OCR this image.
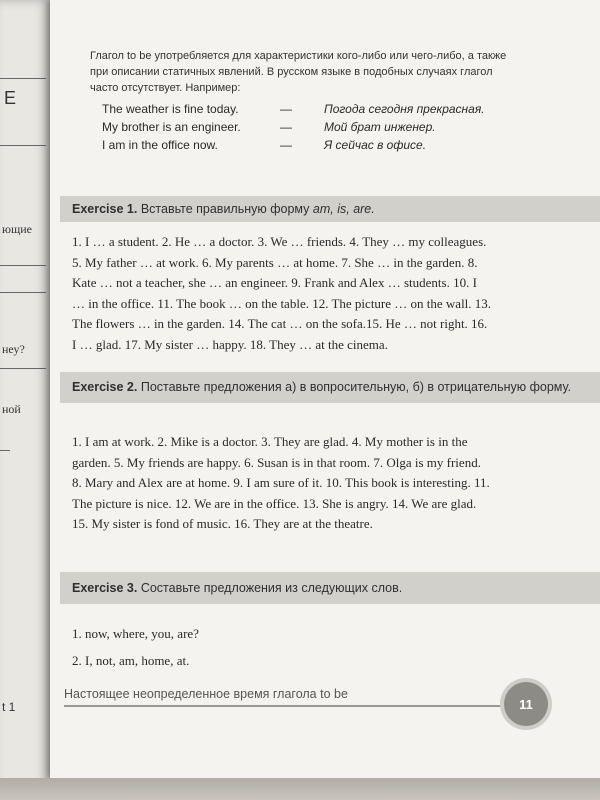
E
ющие
неу?
ной
t 1
Глагол to be употребляется для характеристики кого-либо или чего-либо, а также при описании статичных явлений. В русском языке в подобных случаях глагол часто отсутствует. Например:
The weather is fine today.	—	Погода сегодня прекрасная.
My brother is an engineer.	—	Мой брат инженер.
I am in the office now.	—	Я сейчас в офисе.
Exercise 1. Вставьте правильную форму am, is, are.
1. I … a student. 2. He … a doctor. 3. We … friends. 4. They … my colleagues. 5. My father … at work. 6. My parents … at home. 7. She … in the garden. 8. Kate … not a teacher, she … an engineer. 9. Frank and Alex … students. 10. I … in the office. 11. The book … on the table. 12. The picture … on the wall. 13. The flowers … in the garden. 14. The cat … on the sofa.15. He … not right. 16. I … glad. 17. My sister … happy. 18. They … at the cinema.
Exercise 2. Поставьте предложения а) в вопросительную, б) в отрицательную форму.
1. I am at work. 2. Mike is a doctor. 3. They are glad. 4. My mother is in the garden. 5. My friends are happy. 6. Susan is in that room. 7. Olga is my friend. 8. Mary and Alex are at home. 9. I am sure of it. 10. This book is interesting. 11. The picture is nice. 12. We are in the office. 13. She is angry. 14. We are glad. 15. My sister is fond of music. 16. They are at the theatre.
Exercise 3. Составьте предложения из следующих слов.
1. now, where, you, are?
2. I, not, am, home, at.
Настоящее неопределенное время глагола to be
11
